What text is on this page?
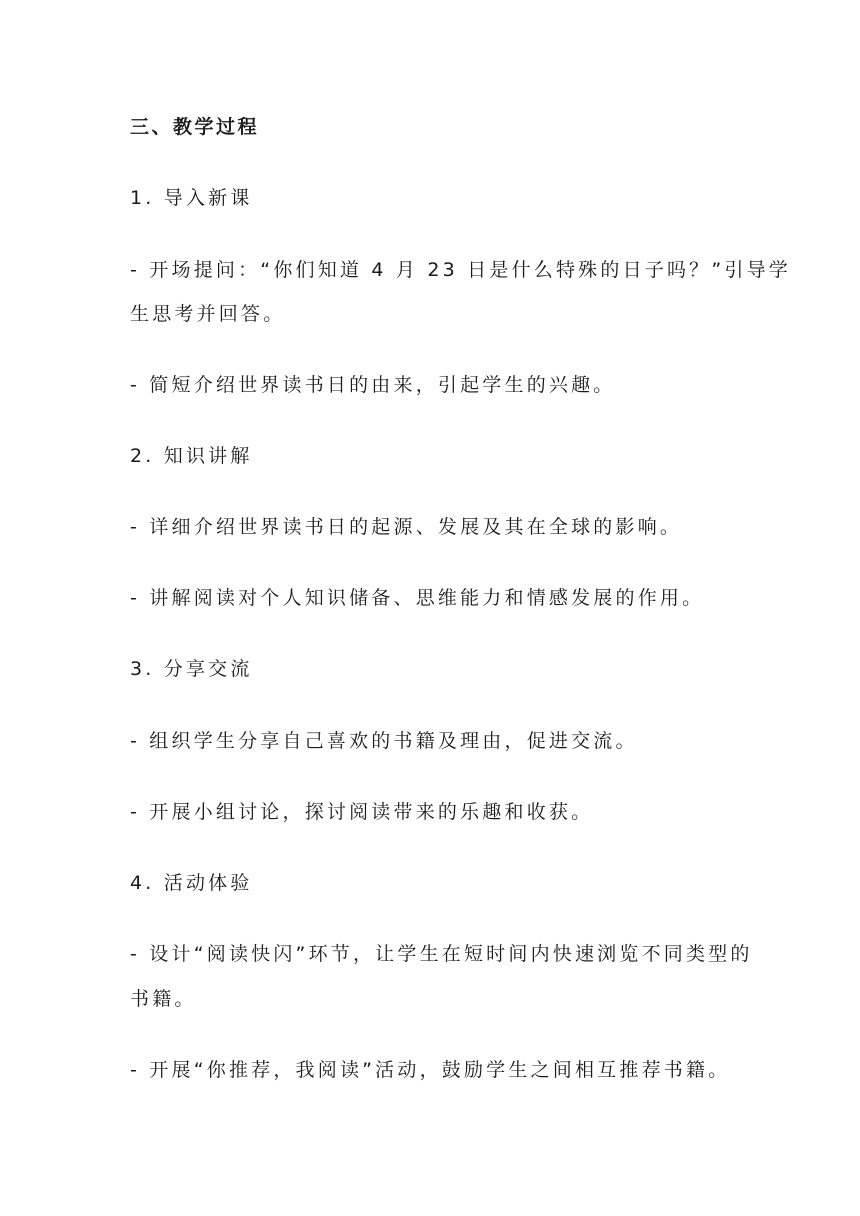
三、教学过程
1. 导入新课
- 开场提问：“你们知道 4 月 23 日是什么特殊的日子吗？”引导学
生思考并回答。
- 简短介绍世界读书日的由来，引起学生的兴趣。
2. 知识讲解
- 详细介绍世界读书日的起源、发展及其在全球的影响。
- 讲解阅读对个人知识储备、思维能力和情感发展的作用。
3. 分享交流
- 组织学生分享自己喜欢的书籍及理由，促进交流。
- 开展小组讨论，探讨阅读带来的乐趣和收获。
4. 活动体验
- 设计“阅读快闪”环节，让学生在短时间内快速浏览不同类型的
书籍。
- 开展“你推荐，我阅读”活动，鼓励学生之间相互推荐书籍。
